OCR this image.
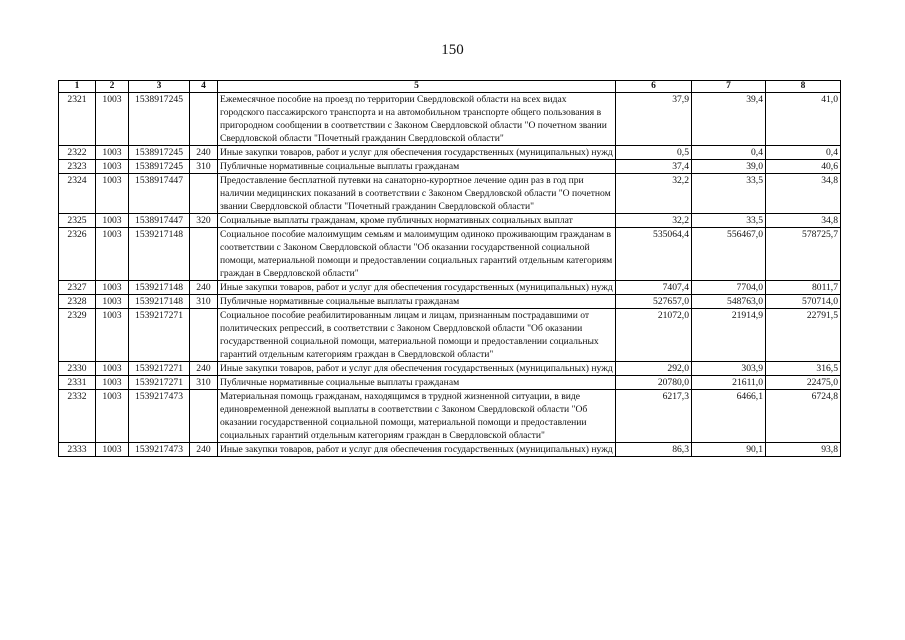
150
1	2	3	4	5	6	7	8
2321	1003	1538917245		Ежемесячное пособие на проезд по территории Свердловской области на всех видах городского пассажирского транспорта и на автомобильном транспорте общего пользования в пригородном сообщении в соответствии с Законом Свердловской области "О почетном звании Свердловской области "Почетный гражданин Свердловской области"	37,9	39,4	41,0
2322	1003	1538917245	240	Иные закупки товаров, работ и услуг для обеспечения государственных (муниципальных) нужд	0,5	0,4	0,4
2323	1003	1538917245	310	Публичные нормативные социальные выплаты гражданам	37,4	39,0	40,6
2324	1003	1538917447		Предоставление бесплатной путевки на санаторно-курортное лечение один раз в год при наличии медицинских показаний в соответствии с Законом Свердловской области "О почетном звании Свердловской области "Почетный гражданин Свердловской области"	32,2	33,5	34,8
2325	1003	1538917447	320	Социальные выплаты гражданам, кроме публичных нормативных социальных выплат	32,2	33,5	34,8
2326	1003	1539217148		Социальное пособие малоимущим семьям и малоимущим одиноко проживающим гражданам в соответствии с Законом Свердловской области "Об оказании государственной социальной помощи, материальной помощи и предоставлении социальных гарантий отдельным категориям граждан в Свердловской области"	535064,4	556467,0	578725,7
2327	1003	1539217148	240	Иные закупки товаров, работ и услуг для обеспечения государственных (муниципальных) нужд	7407,4	7704,0	8011,7
2328	1003	1539217148	310	Публичные нормативные социальные выплаты гражданам	527657,0	548763,0	570714,0
2329	1003	1539217271		Социальное пособие реабилитированным лицам и лицам, признанным пострадавшими от политических репрессий, в соответствии с Законом Свердловской области "Об оказании государственной социальной помощи, материальной помощи и предоставлении социальных гарантий отдельным категориям граждан в Свердловской области"	21072,0	21914,9	22791,5
2330	1003	1539217271	240	Иные закупки товаров, работ и услуг для обеспечения государственных (муниципальных) нужд	292,0	303,9	316,5
2331	1003	1539217271	310	Публичные нормативные социальные выплаты гражданам	20780,0	21611,0	22475,0
2332	1003	1539217473		Материальная помощь гражданам, находящимся в трудной жизненной ситуации, в виде единовременной денежной выплаты в соответствии с Законом Свердловской области "Об оказании государственной социальной помощи, материальной помощи и предоставлении социальных гарантий отдельным категориям граждан в Свердловской области"	6217,3	6466,1	6724,8
2333	1003	1539217473	240	Иные закупки товаров, работ и услуг для обеспечения государственных (муниципальных) нужд	86,3	90,1	93,8
